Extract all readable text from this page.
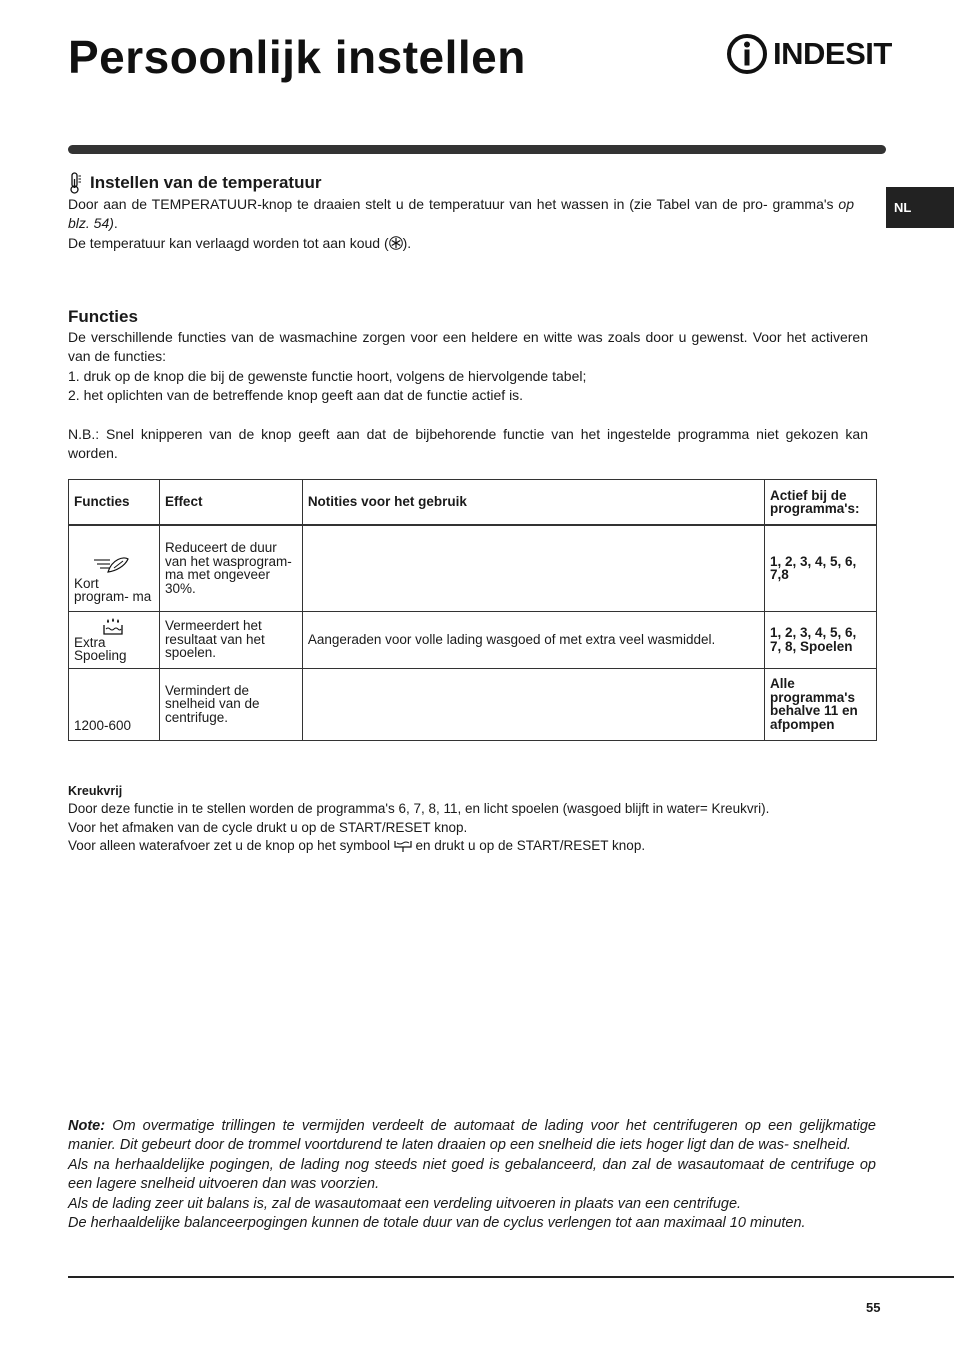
Persoonlijk instellen	INDESIT
NL
Instellen van de temperatuur

Door aan de TEMPERATUUR-knop te draaien stelt u de temperatuur van het wassen in (zie Tabel van de pro- gramma's op blz. 54).

De temperatuur kan verlaagd worden tot aan koud ( ).

Functies

De verschillende functies van de wasmachine zorgen voor een heldere en witte was zoals door u gewenst. Voor het activeren van de functies:

1. druk op de knop die bij de gewenste functie hoort, volgens de hiervolgende tabel;

2. het oplichten van de betreffende knop geeft aan dat de functie actief is.

N.B.: Snel knipperen van de knop geeft aan dat de bijbehorende functie van het ingestelde programma niet gekozen kan worden.

Functies	Effect	Notities voor het gebruik	Actief bij de programma's:

Kort program- ma	Reduceert de duur van het wasprogram- ma met ongeveer 30%.		1, 2, 3, 4, 5, 6, 7,8

Extra Spoeling	Vermeerdert het resultaat van het spoelen.	Aangeraden voor volle lading wasgoed of met extra veel wasmiddel.	1, 2, 3, 4, 5, 6, 7, 8, Spoelen
1200-600	Vermindert de snelheid van de centrifuge.		Alle programma's behalve 11 en afpompen
Kreukvrij

Door deze functie in te stellen worden de programma's 6, 7, 8, 11, en licht spoelen (wasgoed blijft in water= Kreukvri).

Voor het afmaken van de cycle drukt u op de START/RESET knop.

Voor alleen waterafvoer zet u de knop op het symbool  en drukt u op de START/RESET knop.

Note: Om overmatige trillingen te vermijden verdeelt de automaat de lading voor het centrifugeren op een gelijkmatige manier. Dit gebeurt door de trommel voortdurend te laten draaien op een snelheid die iets hoger ligt dan de was- snelheid.

Als na herhaaldelijke pogingen, de lading nog steeds niet goed is gebalanceerd, dan zal de wasautomaat de centrifuge op een lagere snelheid uitvoeren dan was voorzien.

Als de lading zeer uit balans is, zal de wasautomaat een verdeling uitvoeren in plaats van een centrifuge.

De herhaaldelijke balanceerpogingen kunnen de totale duur van de cyclus verlengen tot aan maximaal 10 minuten.

55
